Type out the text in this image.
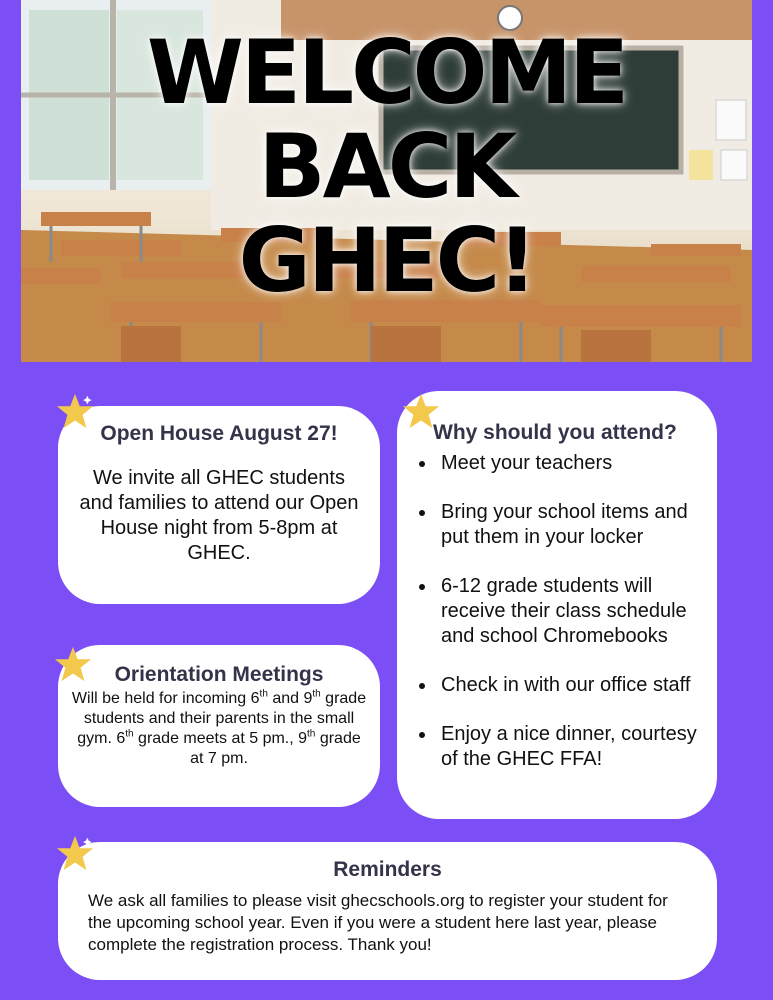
WELCOME
BACK
GHEC!
Open House August 27!

We invite all GHEC students and families to attend our Open House night from 5-8pm at GHEC.

Orientation Meetings

Will be held for incoming 6th and 9th grade students and their parents in the small gym. 6th grade meets at 5 pm., 9th grade at 7 pm.

Why should you attend?
• Meet your teachers
• Bring your school items and put them in your locker
• 6-12 grade students will receive their class schedule and school Chromebooks
• Check in with our office staff
• Enjoy a nice dinner, courtesy of the GHEC FFA!
Reminders

We ask all families to please visit ghecschools.org to register your student for the upcoming school year. Even if you were a student here last year, please complete the registration process. Thank you!
